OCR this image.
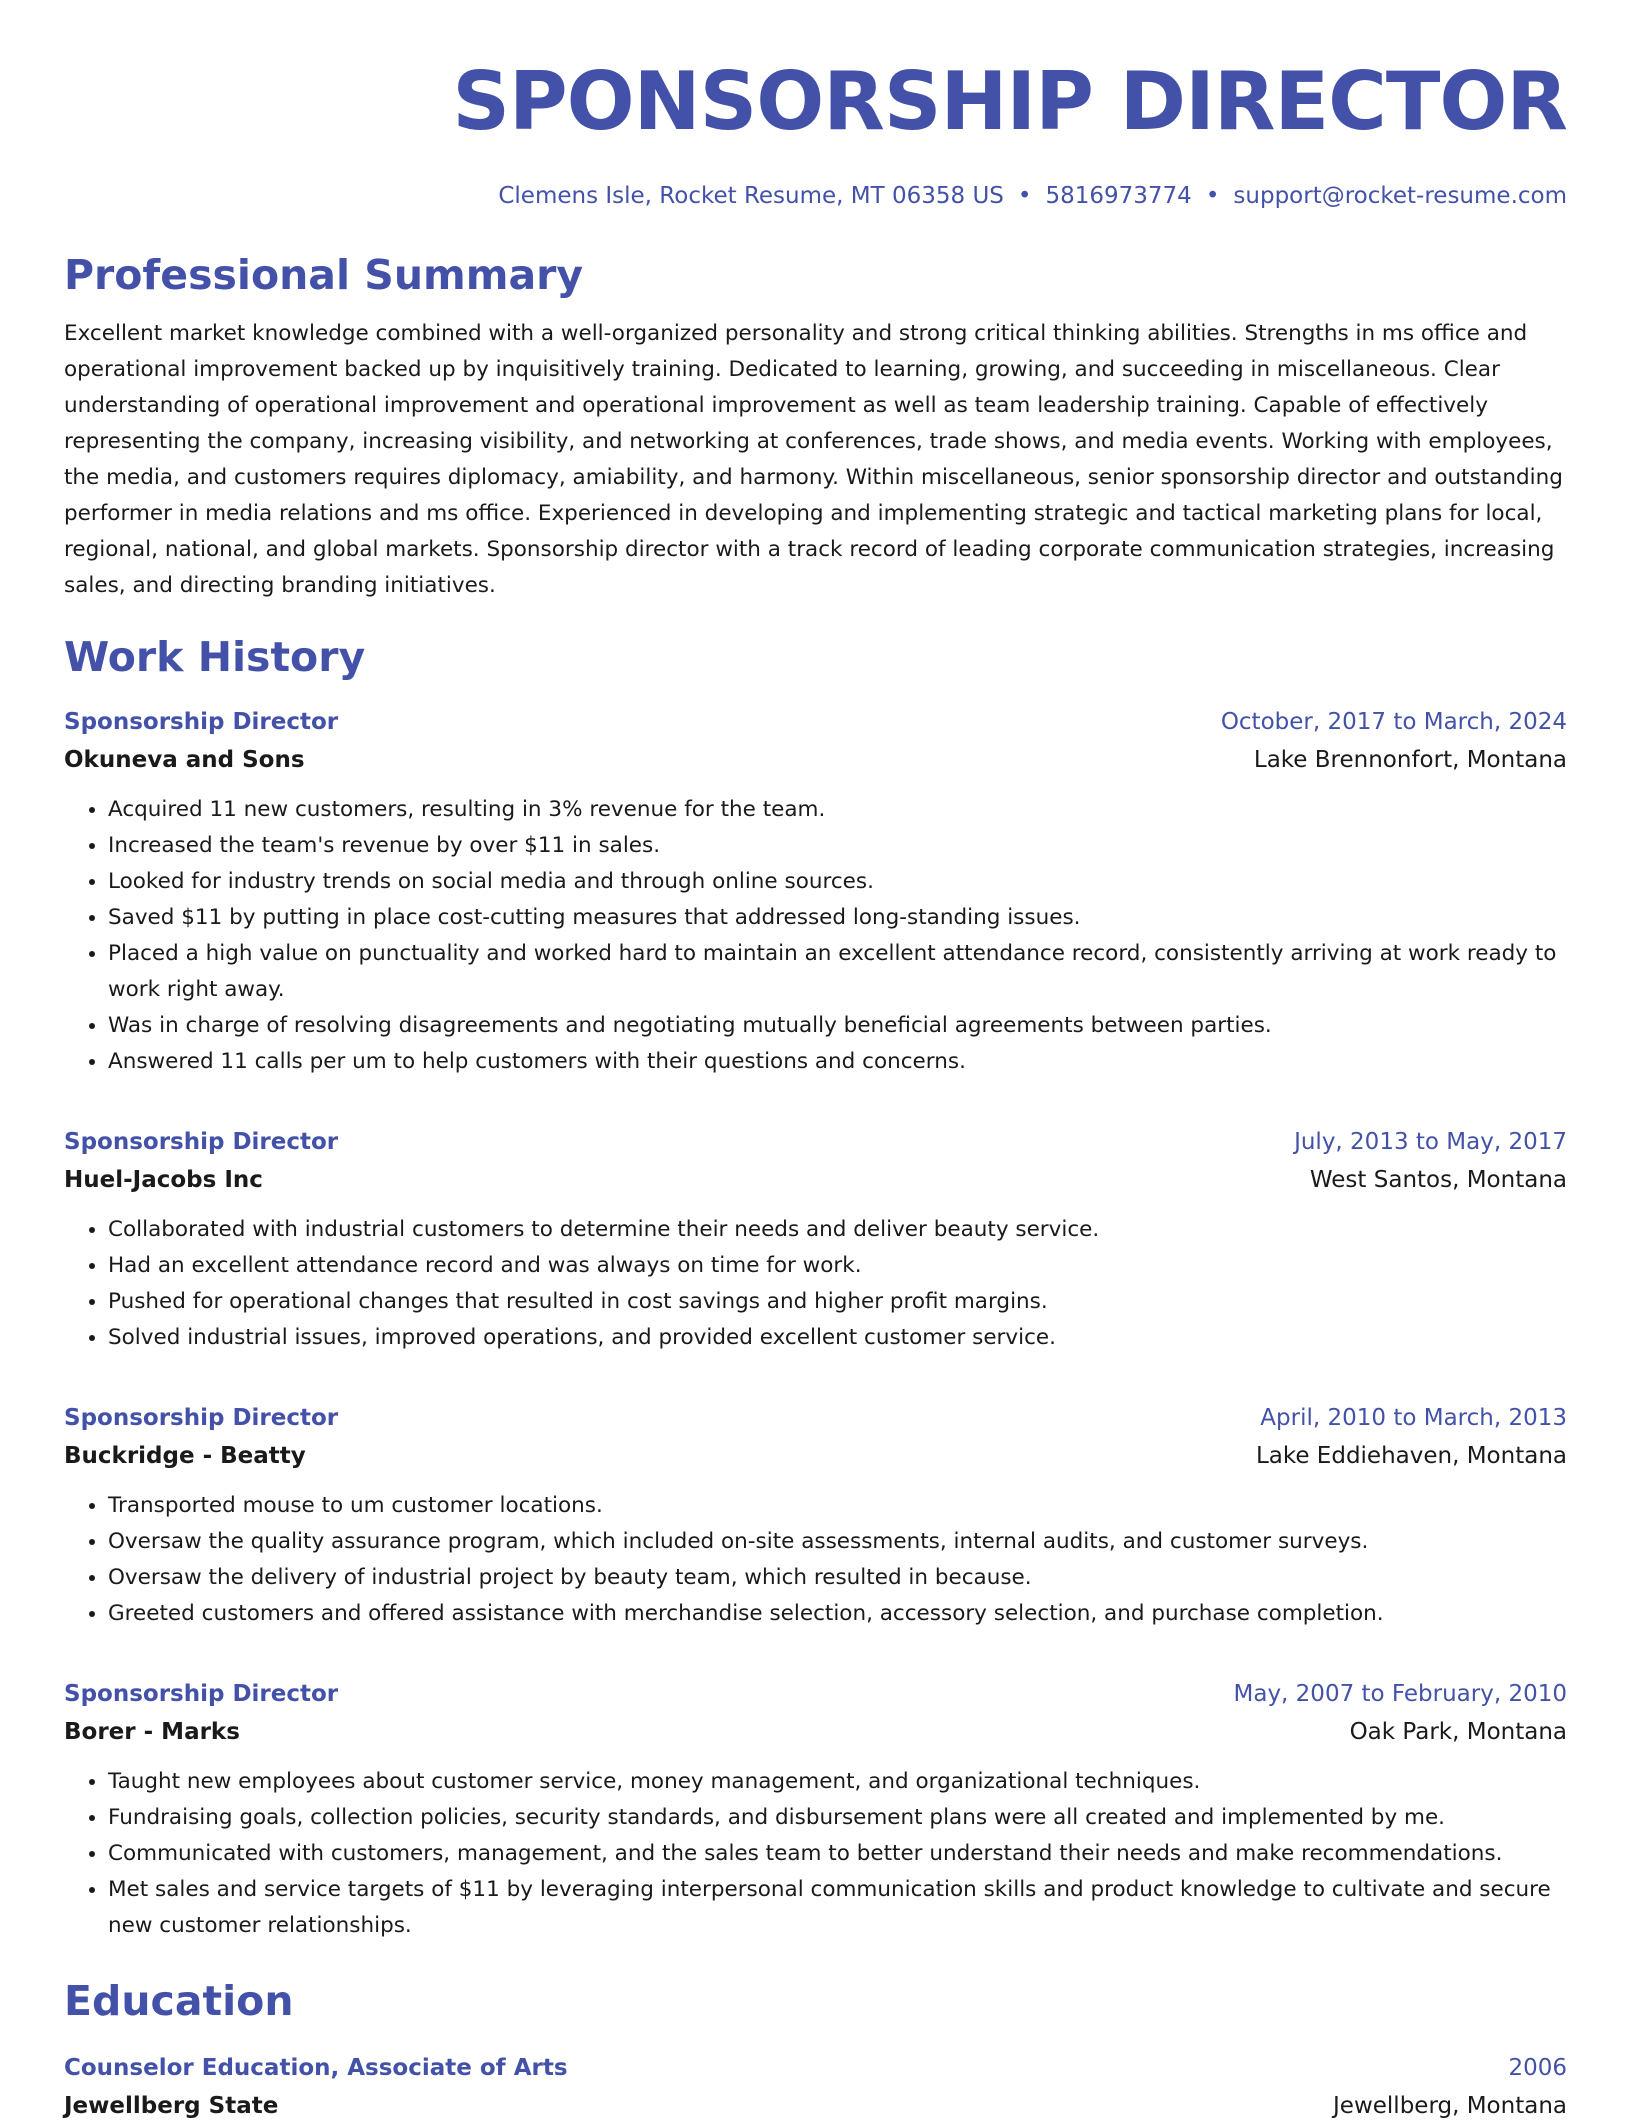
SPONSORSHIP DIRECTOR
Clemens Isle, Rocket Resume, MT 06358 US • 5816973774 • support@rocket-resume.com
Professional Summary

Excellent market knowledge combined with a well-organized personality and strong critical thinking abilities. Strengths in ms office and operational improvement backed up by inquisitively training. Dedicated to learning, growing, and succeeding in miscellaneous. Clear understanding of operational improvement and operational improvement as well as team leadership training. Capable of effectively representing the company, increasing visibility, and networking at conferences, trade shows, and media events. Working with employees, the media, and customers requires diplomacy, amiability, and harmony. Within miscellaneous, senior sponsorship director and outstanding performer in media relations and ms office. Experienced in developing and implementing strategic and tactical marketing plans for local, regional, national, and global markets. Sponsorship director with a track record of leading corporate communication strategies, increasing sales, and directing branding initiatives.

Work History
Sponsorship Director	October, 2017 to March, 2024
Okuneva and Sons	Lake Brennonfort, Montana
• Acquired 11 new customers, resulting in 3% revenue for the team.
• Increased the team's revenue by over $11 in sales.
• Looked for industry trends on social media and through online sources.
• Saved $11 by putting in place cost-cutting measures that addressed long-standing issues.
• Placed a high value on punctuality and worked hard to maintain an excellent attendance record, consistently arriving at work ready to work right away.
• Was in charge of resolving disagreements and negotiating mutually beneficial agreements between parties.
• Answered 11 calls per um to help customers with their questions and concerns.
Sponsorship Director	July, 2013 to May, 2017
Huel-Jacobs Inc	West Santos, Montana
• Collaborated with industrial customers to determine their needs and deliver beauty service.
• Had an excellent attendance record and was always on time for work.
• Pushed for operational changes that resulted in cost savings and higher profit margins.
• Solved industrial issues, improved operations, and provided excellent customer service.
Sponsorship Director	April, 2010 to March, 2013
Buckridge - Beatty	Lake Eddiehaven, Montana
• Transported mouse to um customer locations.
• Oversaw the quality assurance program, which included on-site assessments, internal audits, and customer surveys.
• Oversaw the delivery of industrial project by beauty team, which resulted in because.
• Greeted customers and offered assistance with merchandise selection, accessory selection, and purchase completion.
Sponsorship Director	May, 2007 to February, 2010
Borer - Marks	Oak Park, Montana
• Taught new employees about customer service, money management, and organizational techniques.
• Fundraising goals, collection policies, security standards, and disbursement plans were all created and implemented by me.
• Communicated with customers, management, and the sales team to better understand their needs and make recommendations.
• Met sales and service targets of $11 by leveraging interpersonal communication skills and product knowledge to cultivate and secure new customer relationships.
Education
Counselor Education, Associate of Arts	2006
Jewellberg State	Jewellberg, Montana
